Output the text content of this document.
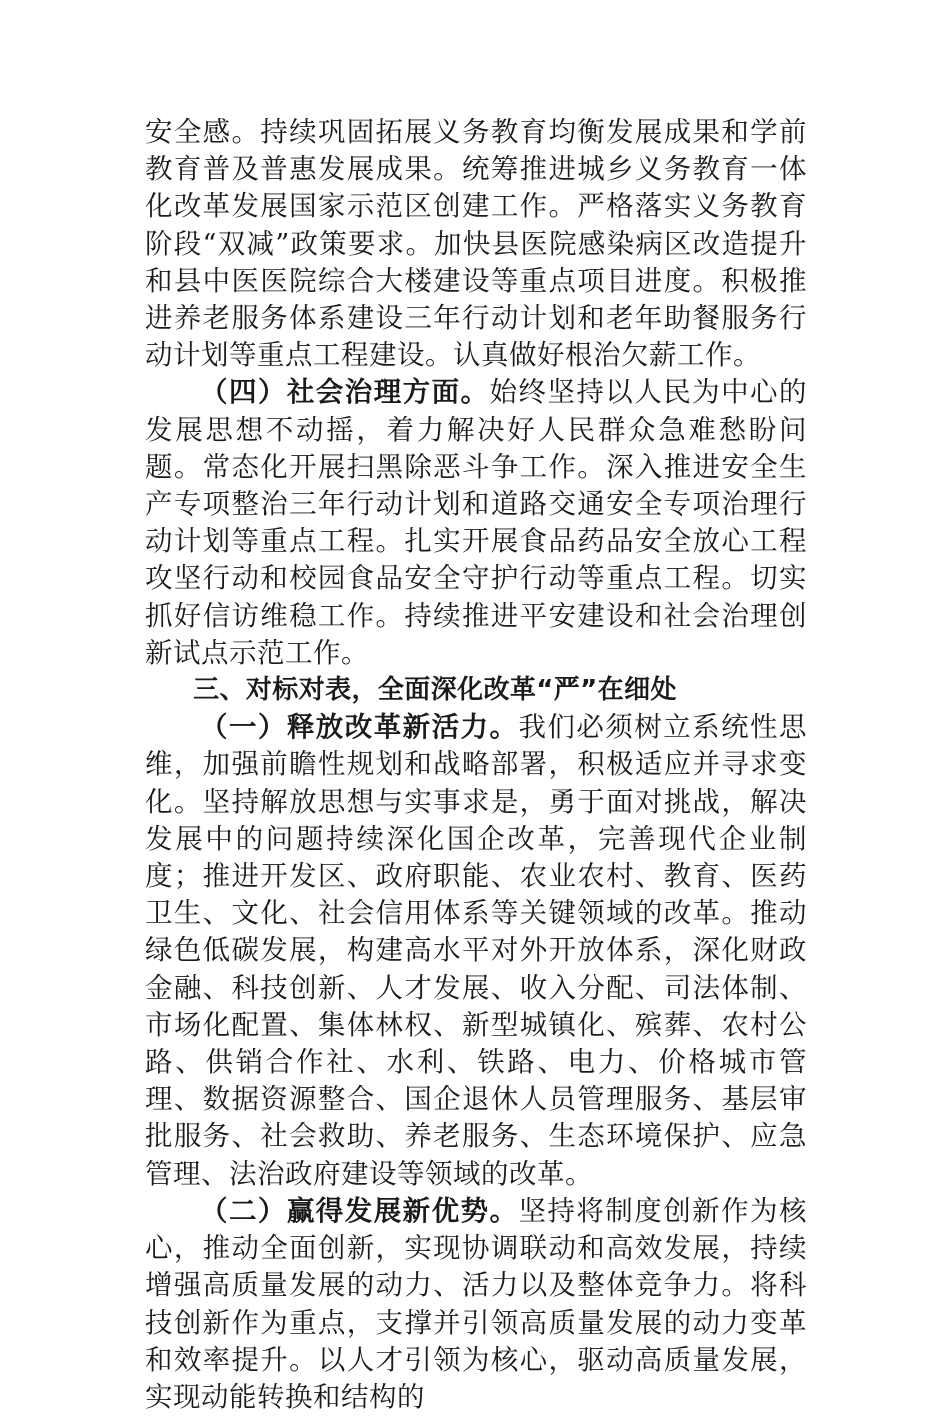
安全感。持续巩固拓展义务教育均衡发展成果和学前教育普及普惠发展成果。统筹推进城乡义务教育一体化改革发展国家示范区创建工作。严格落实义务教育阶段“双减”政策要求。加快县医院感染病区改造提升和县中医医院综合大楼建设等重点项目进度。积极推进养老服务体系建设三年行动计划和老年助餐服务行动计划等重点工程建设。认真做好根治欠薪工作。

（四）社会治理方面。始终坚持以人民为中心的发展思想不动摇，着力解决好人民群众急难愁盼问题。常态化开展扫黑除恶斗争工作。深入推进安全生产专项整治三年行动计划和道路交通安全专项治理行动计划等重点工程。扎实开展食品药品安全放心工程攻坚行动和校园食品安全守护行动等重点工程。切实抓好信访维稳工作。持续推进平安建设和社会治理创新试点示范工作。

三、对标对表，全面深化改革“严”在细处

（一）释放改革新活力。我们必须树立系统性思维，加强前瞻性规划和战略部署，积极适应并寻求变化。坚持解放思想与实事求是，勇于面对挑战，解决发展中的问题持续深化国企改革，完善现代企业制度；推进开发区、政府职能、农业农村、教育、医药卫生、文化、社会信用体系等关键领域的改革。推动绿色低碳发展，构建高水平对外开放体系，深化财政金融、科技创新、人才发展、收入分配、司法体制、市场化配置、集体林权、新型城镇化、殡葬、农村公路、供销合作社、水利、铁路、电力、价格城市管理、数据资源整合、国企退休人员管理服务、基层审批服务、社会救助、养老服务、生态环境保护、应急管理、法治政府建设等领域的改革。

（二）赢得发展新优势。坚持将制度创新作为核心，推动全面创新，实现协调联动和高效发展，持续增强高质量发展的动力、活力以及整体竞争力。将科技创新作为重点，支撑并引领高质量发展的动力变革和效率提升。以人才引领为核心，驱动高质量发展，实现动能转换和结构的
